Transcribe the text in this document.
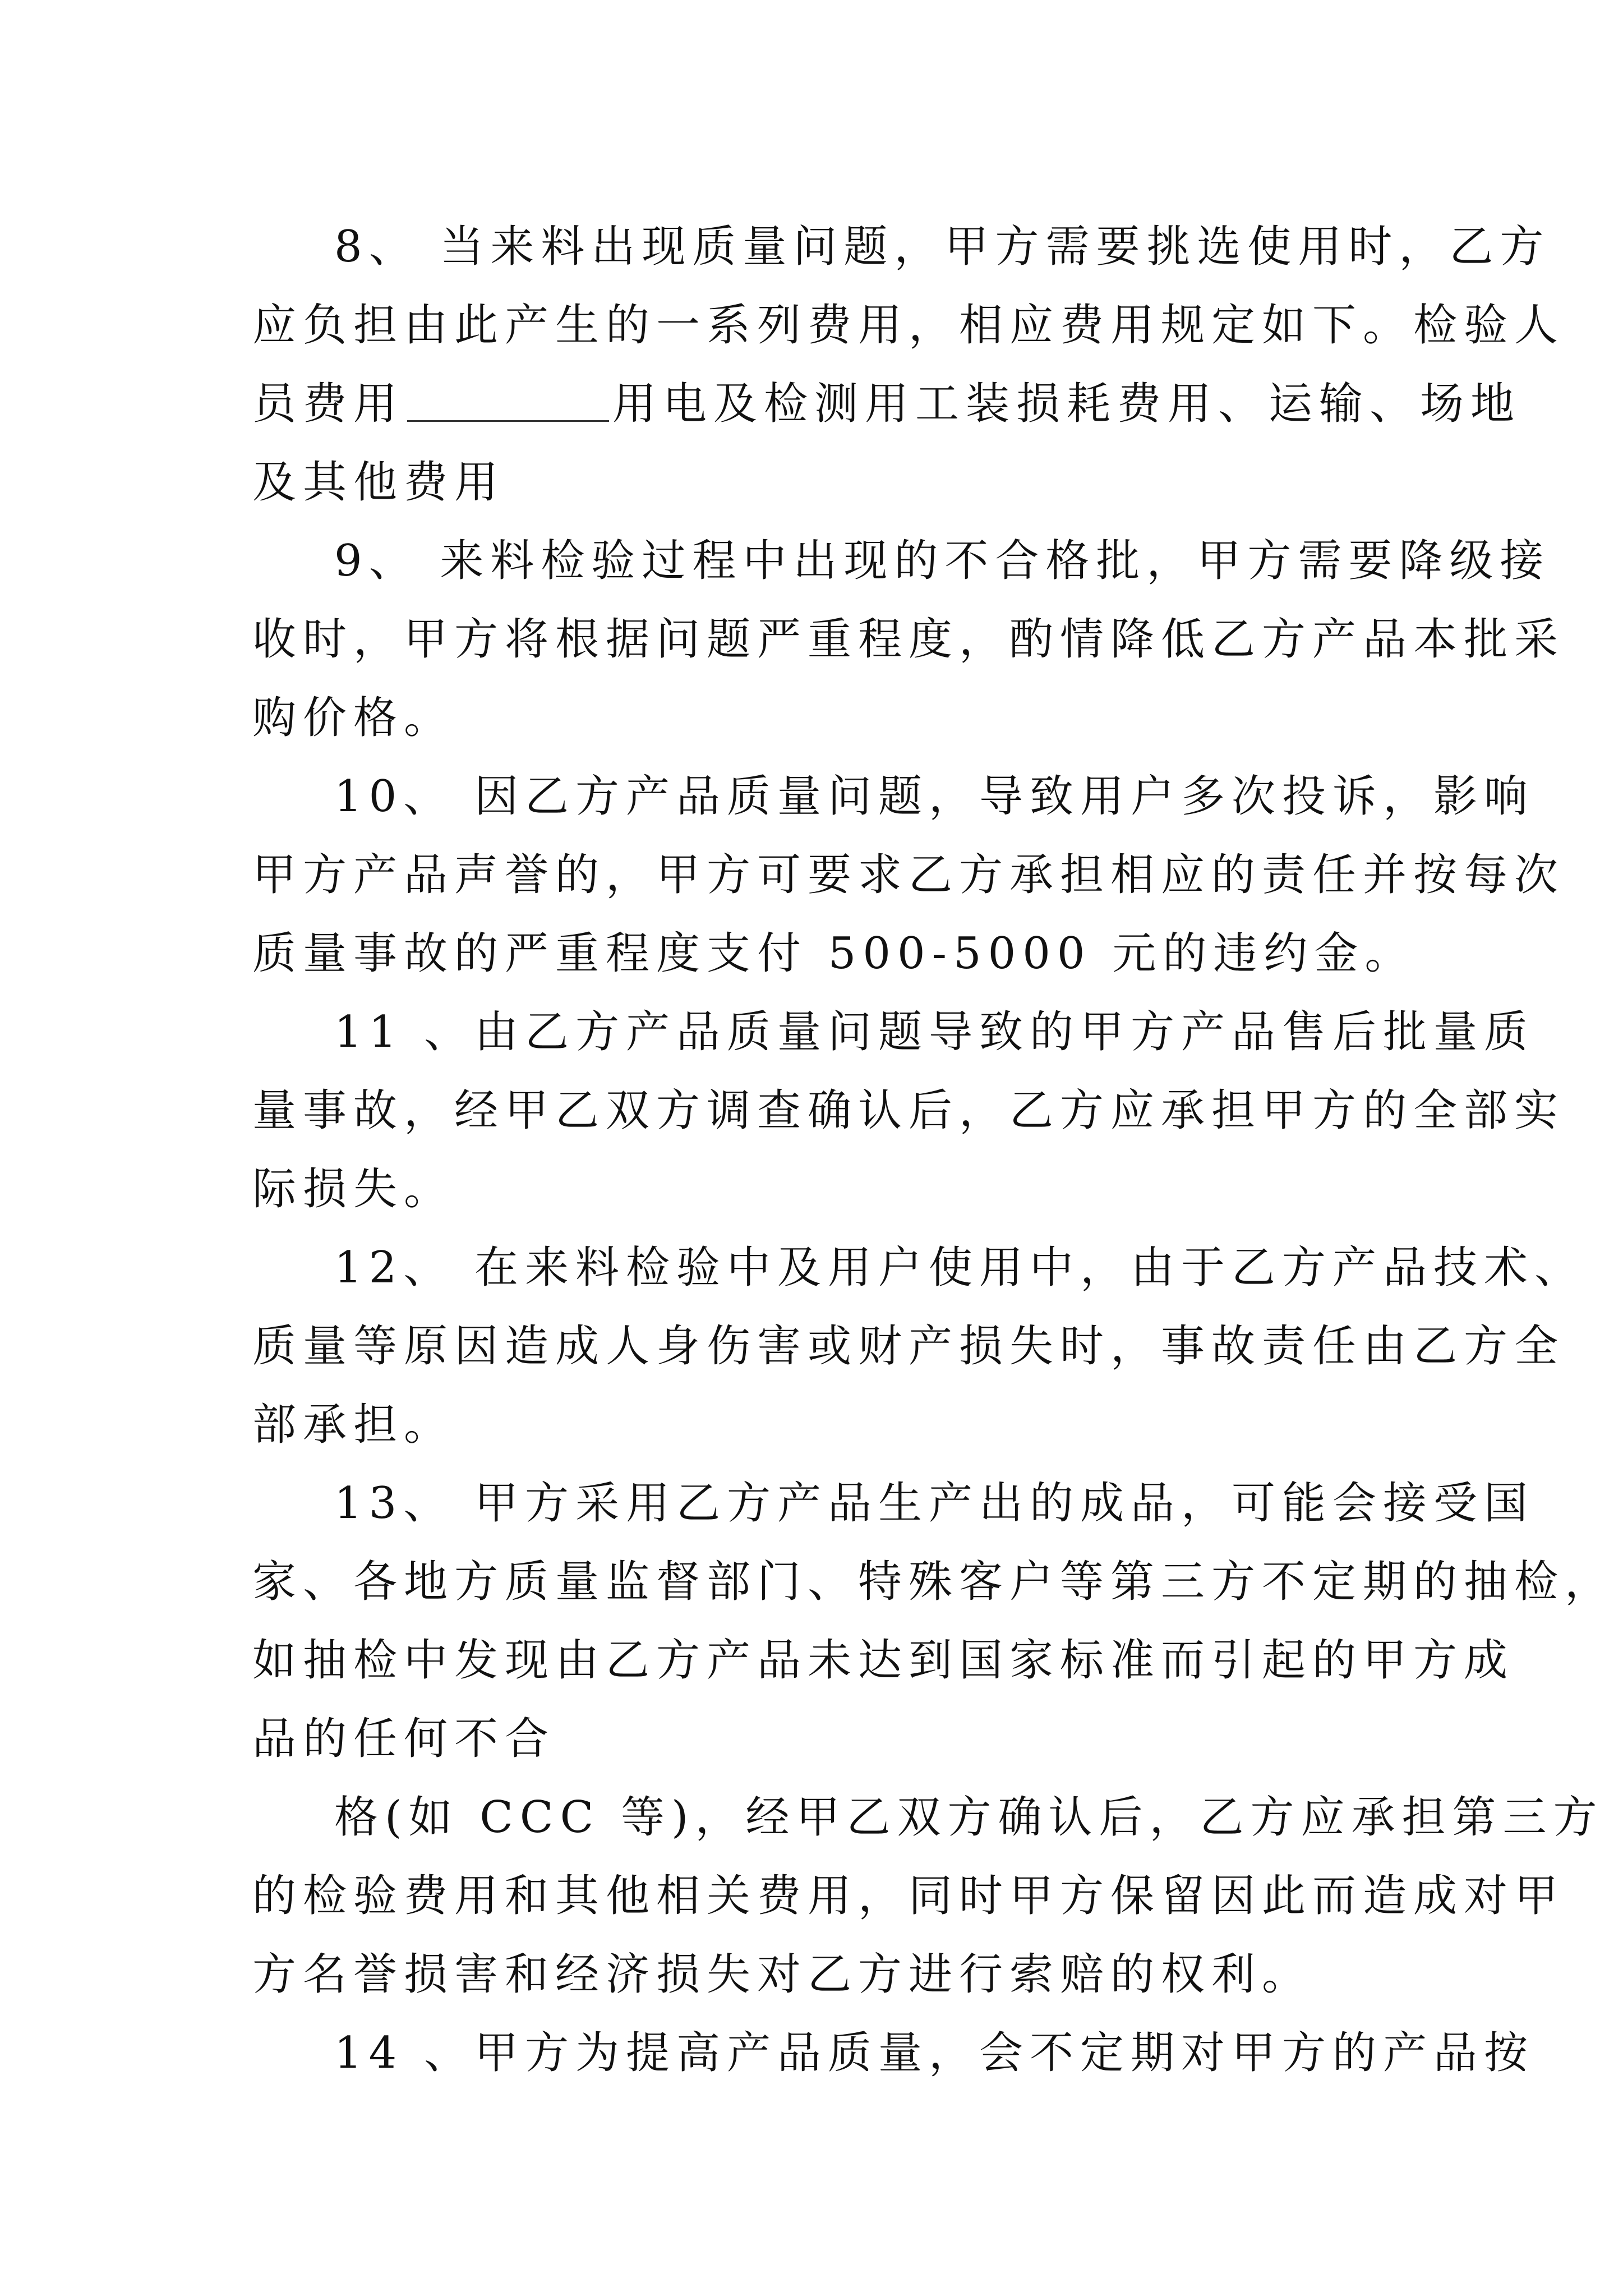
8、 当来料出现质量问题，甲方需要挑选使用时，乙方
应负担由此产生的一系列费用，相应费用规定如下。检验人
员费用	用电及检测用工装损耗费用、运输、场地
及其他费用
9、 来料检验过程中出现的不合格批，甲方需要降级接
收时，甲方将根据问题严重程度，酌情降低乙方产品本批采
购价格。
10、 因乙方产品质量问题，导致用户多次投诉，影响
甲方产品声誉的，甲方可要求乙方承担相应的责任并按每次
质量事故的严重程度支付 500-5000 元的违约金。
11 、由乙方产品质量问题导致的甲方产品售后批量质
量事故，经甲乙双方调查确认后，乙方应承担甲方的全部实
际损失。
12、 在来料检验中及用户使用中，由于乙方产品技术、
质量等原因造成人身伤害或财产损失时，事故责任由乙方全
部承担。
13、 甲方采用乙方产品生产出的成品，可能会接受国
家、各地方质量监督部门、特殊客户等第三方不定期的抽检，
如抽检中发现由乙方产品未达到国家标准而引起的甲方成
品的任何不合
格(如 CCC 等)，经甲乙双方确认后，乙方应承担第三方
的检验费用和其他相关费用，同时甲方保留因此而造成对甲
方名誉损害和经济损失对乙方进行索赔的权利。
14 、甲方为提高产品质量，会不定期对甲方的产品按
